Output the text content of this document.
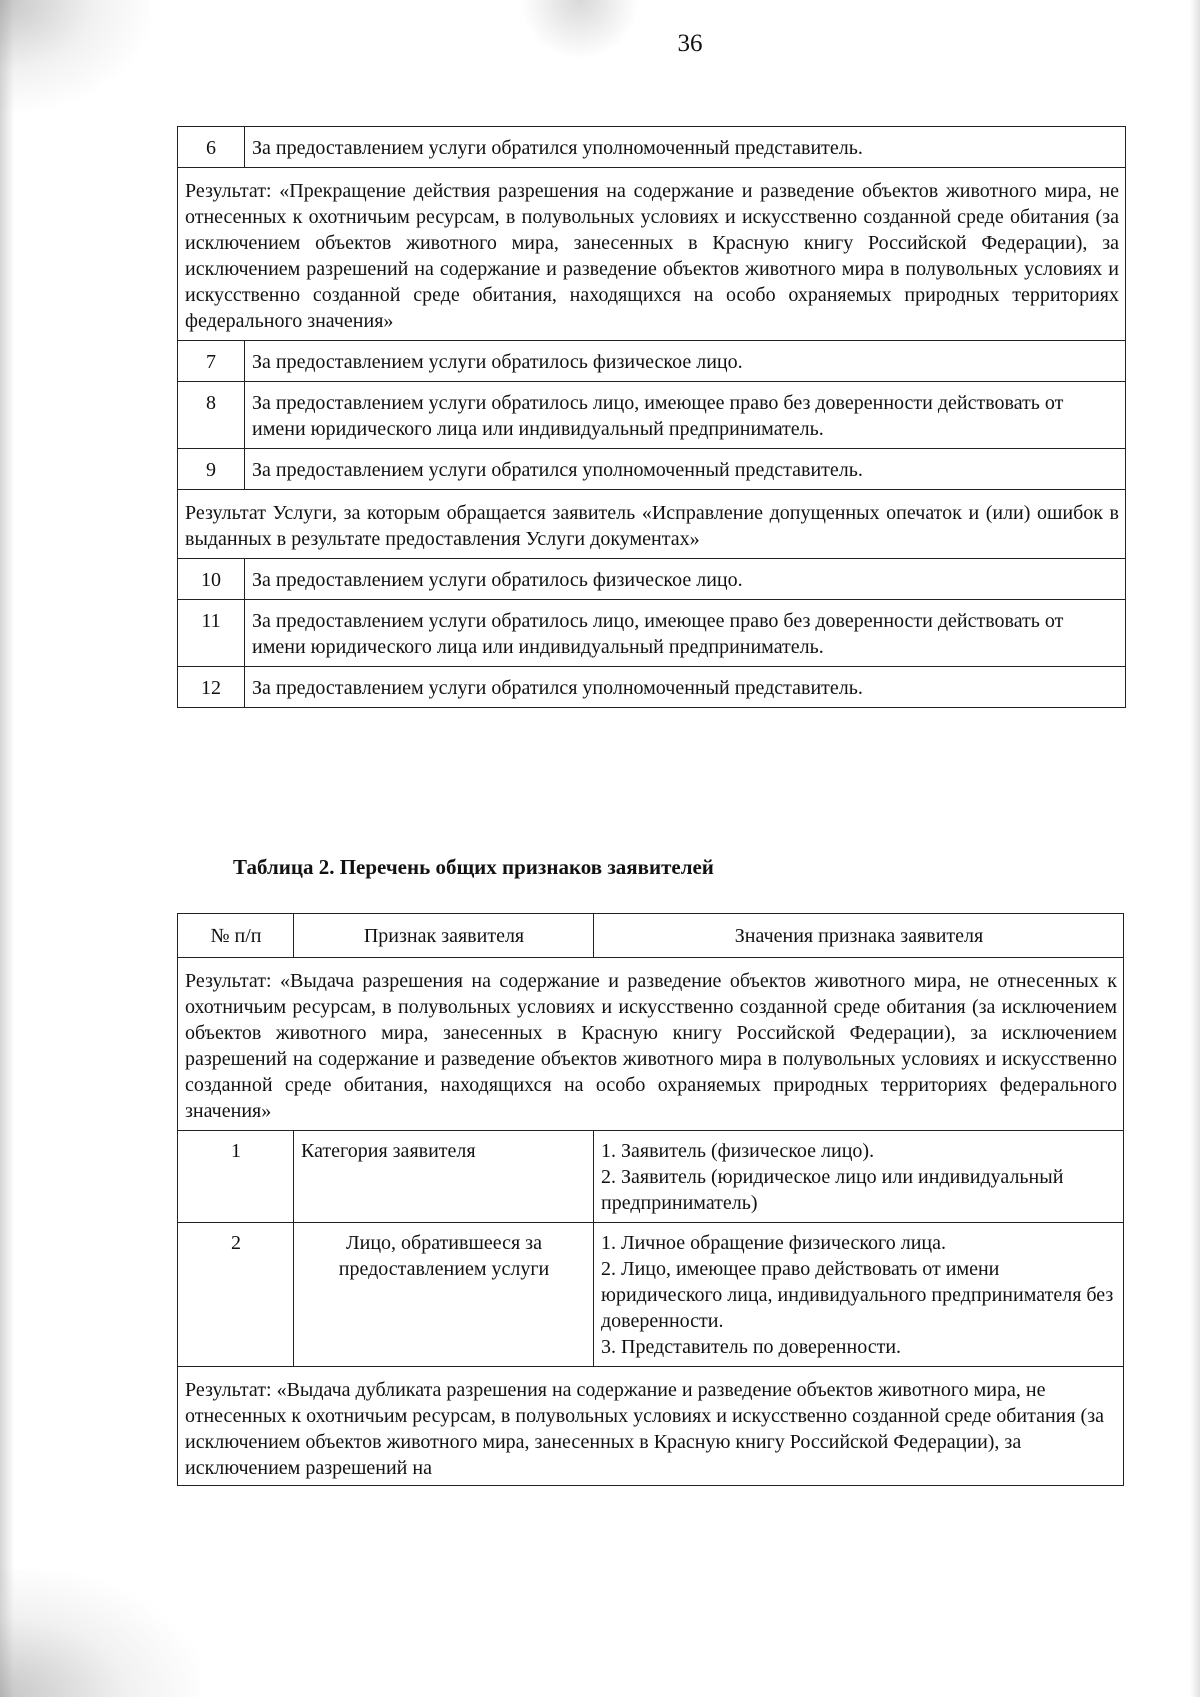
36
6	За предоставлением услуги обратился уполномоченный представитель.
Результат: «Прекращение действия разрешения на содержание и разведение объектов животного мира, не отнесенных к охотничьим ресурсам, в полувольных условиях и искусственно созданной среде обитания (за исключением объектов животного мира, занесенных в Красную книгу Российской Федерации), за исключением разрешений на содержание и разведение объектов животного мира в полувольных условиях и искусственно созданной среде обитания, находящихся на особо охраняемых природных территориях федерального значения»	
7	За предоставлением услуги обратилось физическое лицо.
8	За предоставлением услуги обратилось лицо, имеющее право без доверенности действовать от имени юридического лица или индивидуальный предприниматель.
9	За предоставлением услуги обратился уполномоченный представитель.
Результат Услуги, за которым обращается заявитель «Исправление допущенных опечаток и (или) ошибок в выданных в результате предоставления Услуги документах»	
10	За предоставлением услуги обратилось физическое лицо.
11	За предоставлением услуги обратилось лицо, имеющее право без доверенности действовать от имени юридического лица или индивидуальный предприниматель.
12	За предоставлением услуги обратился уполномоченный представитель.
Таблица 2. Перечень общих признаков заявителей
№ п/п	Признак заявителя	Значения признака заявителя
Результат: «Выдача разрешения на содержание и разведение объектов животного мира, не отнесенных к охотничьим ресурсам, в полувольных условиях и искусственно созданной среде обитания (за исключением объектов животного мира, занесенных в Красную книгу Российской Федерации), за исключением разрешений на содержание и разведение объектов животного мира в полувольных условиях и искусственно созданной среде обитания, находящихся на особо охраняемых природных территориях федерального значения»		
1	Категория заявителя	1. Заявитель (физическое лицо).
2. Заявитель (юридическое лицо или индивидуальный предприниматель)

2	Лицо, обратившееся за предоставлением услуги	1. Личное обращение физического лица.
2. Лицо, имеющее право действовать от имени юридического лица, индивидуального предпринимателя без доверенности.
3. Представитель по доверенности.

Результат: «Выдача дубликата разрешения на содержание и разведение объектов животного мира, не отнесенных к охотничьим ресурсам, в полувольных условиях и искусственно созданной среде обитания (за исключением объектов животного мира, занесенных в Красную книгу Российской Федерации), за исключением разрешений на		
